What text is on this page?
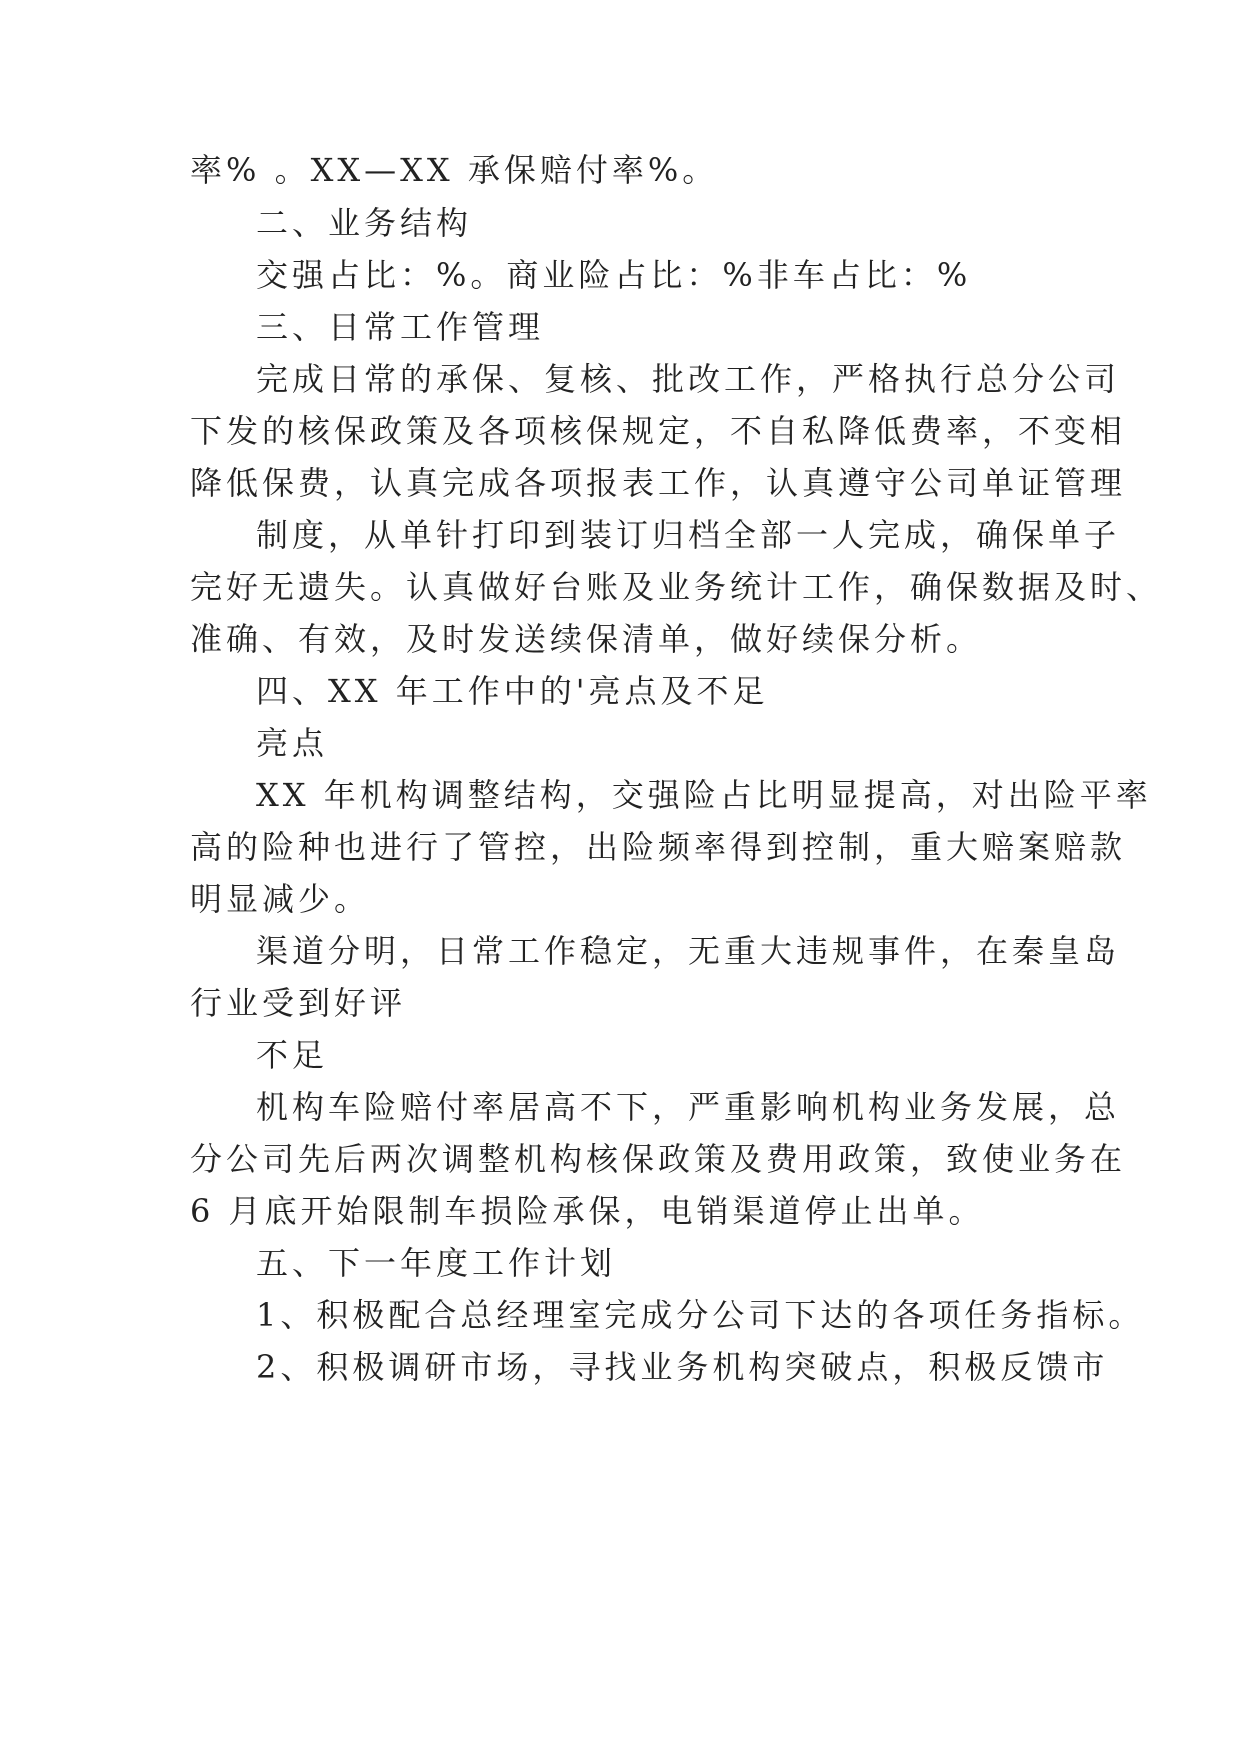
率% 。XX—XX 承保赔付率%。
二、业务结构
交强占比：%。商业险占比：%非车占比：%
三、日常工作管理
完成日常的承保、复核、批改工作，严格执行总分公司
下发的核保政策及各项核保规定，不自私降低费率，不变相
降低保费，认真完成各项报表工作，认真遵守公司单证管理
制度，从单针打印到装订归档全部一人完成，确保单子
完好无遗失。认真做好台账及业务统计工作，确保数据及时、
准确、有效，及时发送续保清单，做好续保分析。
四、XX 年工作中的'亮点及不足
亮点
XX 年机构调整结构，交强险占比明显提高，对出险平率
高的险种也进行了管控，出险频率得到控制，重大赔案赔款
明显减少。
渠道分明，日常工作稳定，无重大违规事件，在秦皇岛
行业受到好评
不足
机构车险赔付率居高不下，严重影响机构业务发展，总
分公司先后两次调整机构核保政策及费用政策，致使业务在
6 月底开始限制车损险承保，电销渠道停止出单。
五、下一年度工作计划
1、积极配合总经理室完成分公司下达的各项任务指标。
2、积极调研市场，寻找业务机构突破点，积极反馈市
